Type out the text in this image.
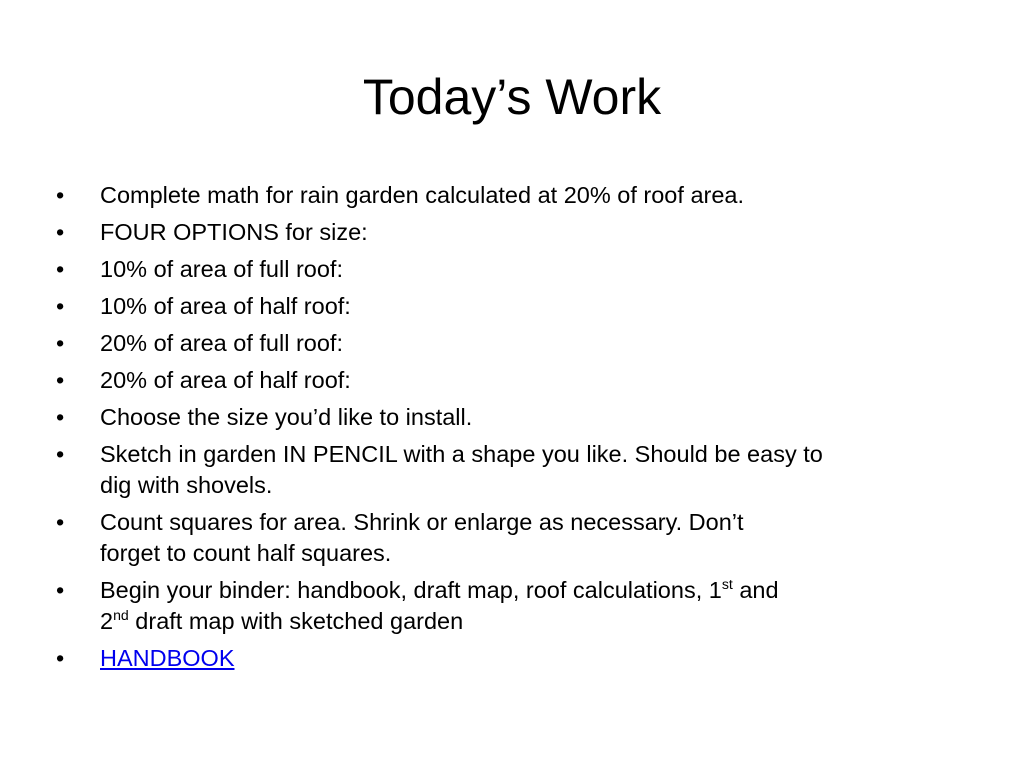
Today’s Work
•	Complete math for rain garden calculated at 20% of roof area.
•	FOUR OPTIONS for size:
•	10% of area of full roof:
•	10% of area of half roof:
•	20% of area of full roof:
•	20% of area of half roof:
•	Choose the size you’d like to install.
•	Sketch in garden IN PENCIL with a shape you like. Should be easy to
dig with shovels.
•	Count squares for area. Shrink or enlarge as necessary. Don’t
forget to count half squares.
•	Begin your binder: handbook, draft map, roof calculations, 1st and
2nd draft map with sketched garden
•	HANDBOOK
